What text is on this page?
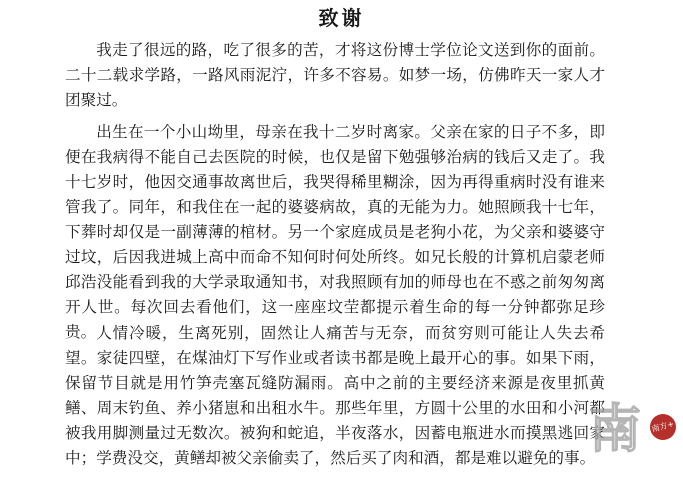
致谢

我走了很远的路，吃了很多的苦，才将这份博士学位论文送到你的面前。二十二载求学路，一路风雨泥泞，许多不容易。如梦一场，仿佛昨天一家人才团聚过。

出生在一个小山坳里，母亲在我十二岁时离家。父亲在家的日子不多，即便在我病得不能自己去医院的时候，也仅是留下勉强够治病的钱后又走了。我十七岁时，他因交通事故离世后，我哭得稀里糊涂，因为再得重病时没有谁来管我了。同年，和我住在一起的婆婆病故，真的无能为力。她照顾我十七年，下葬时却仅是一副薄薄的棺材。另一个家庭成员是老狗小花，为父亲和婆婆守过坟，后因我进城上高中而命不知何时何处所终。如兄长般的计算机启蒙老师邱浩没能看到我的大学录取通知书，对我照顾有加的师母也在不惑之前匆匆离开人世。每次回去看他们，这一座座坟茔都提示着生命的每一分钟都弥足珍贵。 人情冷暖，生离死别，固然让人痛苦与无奈，而贫穷则可能让人失去希望。家徒四壁，在煤油灯下写作业或者读书都是晚上最开心的事。如果下雨，保留节目就是用竹笋壳塞瓦缝防漏雨。高中之前的主要经济来源是夜里抓黄鳝、周末钓鱼、养小猪崽和出租水牛。那些年里，方圆十公里的水田和小河都被我用脚测量过无数次。被狗和蛇追，半夜落水，因蓄电瓶进水而摸黑逃回家中；学费没交，黄鳝却被父亲偷卖了，然后买了肉和酒，都是难以避免的事。

南	南方+
